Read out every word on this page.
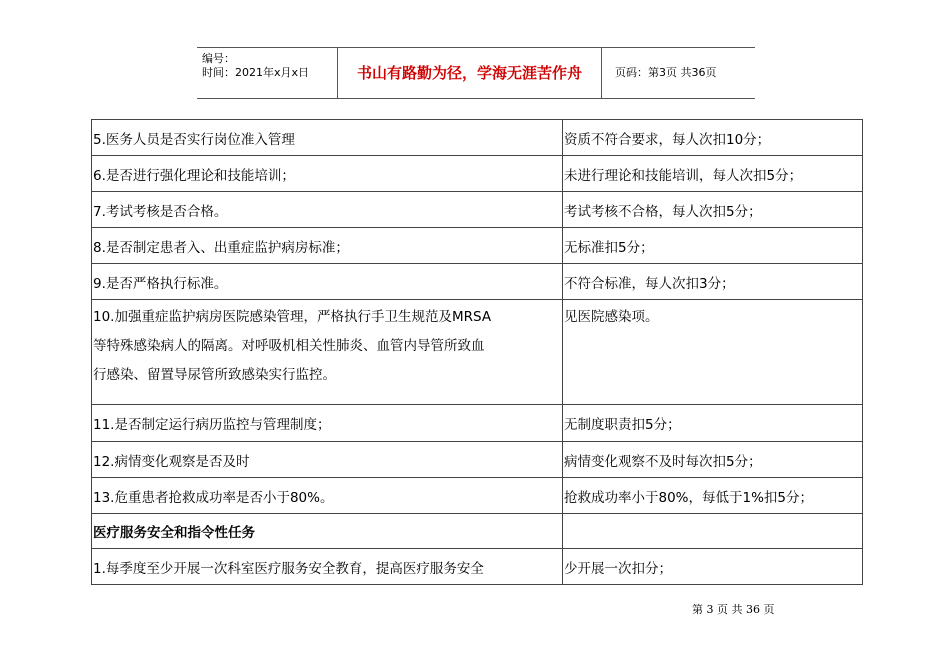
编号：
时间：2021年x月x日	书山有路勤为径，学海无涯苦作舟	页码：第3页 共36页
5.医务人员是否实行岗位准入管理	资质不符合要求，每人次扣10分；
6.是否进行强化理论和技能培训；	未进行理论和技能培训，每人次扣5分；
7.考试考核是否合格。	考试考核不合格，每人次扣5分；
8.是否制定患者入、出重症监护病房标准；	无标准扣5分；
9.是否严格执行标准。	不符合标准，每人次扣3分；

10.加强重症监护病房医院感染管理，严格执行手卫生规范及MRSA
等特殊感染病人的隔离。对呼吸机相关性肺炎、血管内导管所致血
行感染、留置导尿管所致感染实行监控。	见医院感染项。

11.是否制定运行病历监控与管理制度；	无制度职责扣5分；
12.病情变化观察是否及时	病情变化观察不及时每次扣5分；
13.危重患者抢救成功率是否小于80%。	抢救成功率小于80%，每低于1%扣5分；
医疗服务安全和指令性任务	
1.每季度至少开展一次科室医疗服务安全教育，提高医疗服务安全	少开展一次扣分；
第 3 页 共 36 页
